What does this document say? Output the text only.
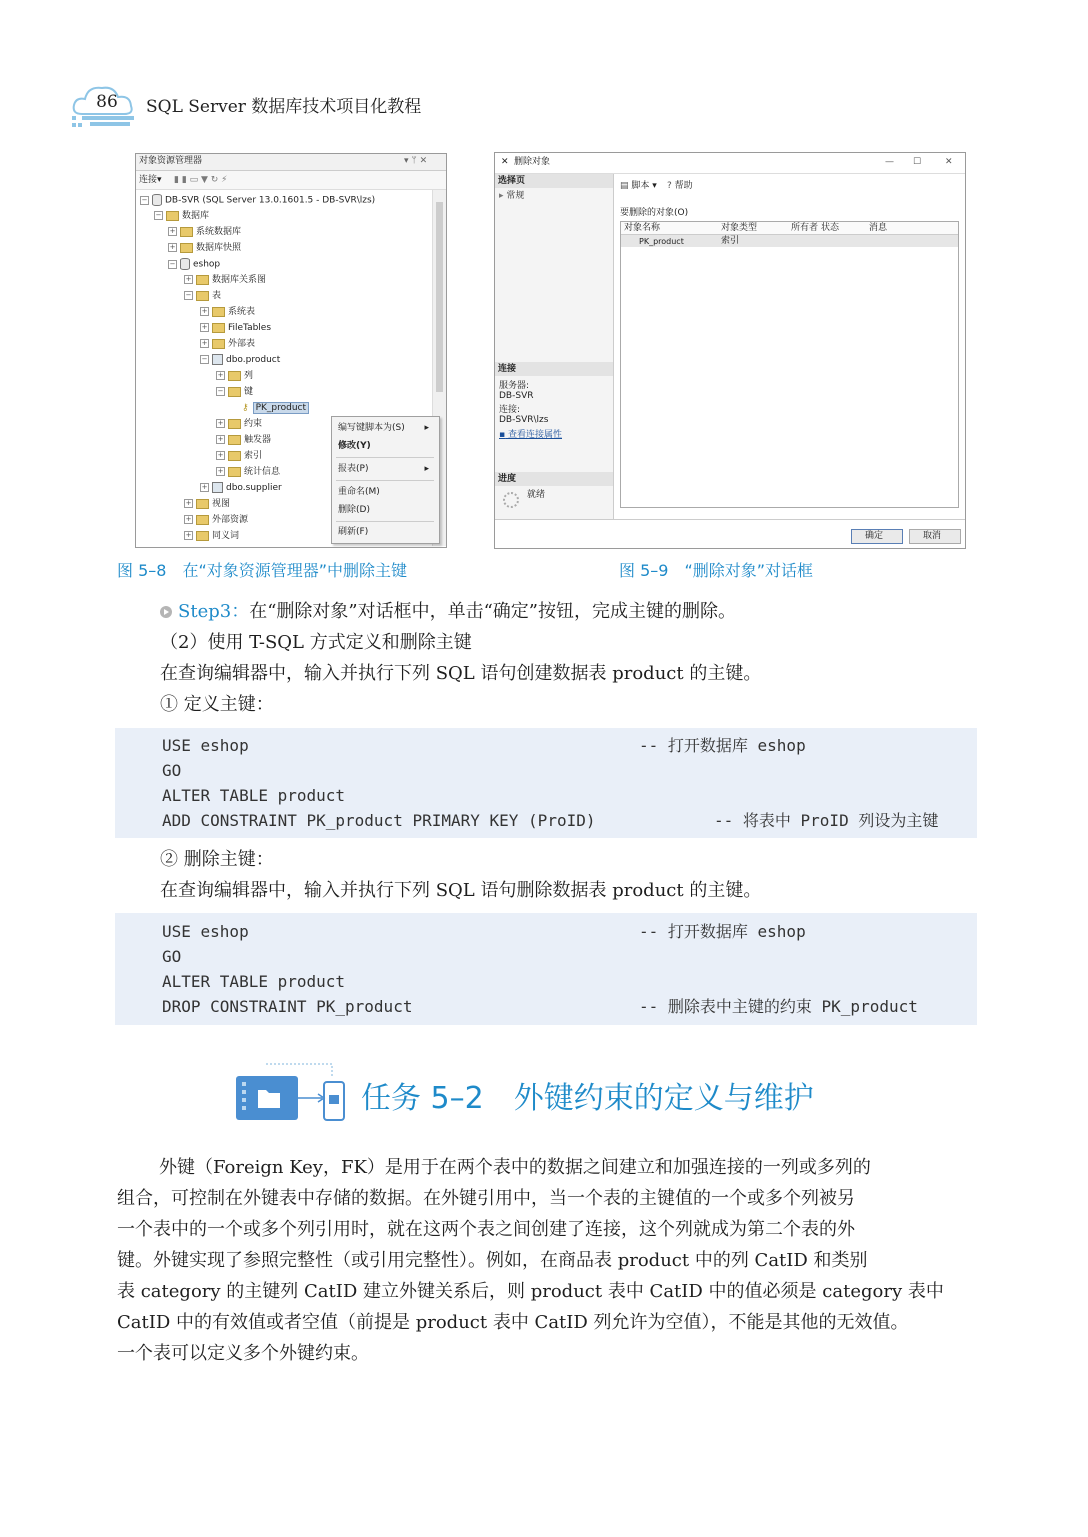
86	SQL Server 数据库技术项目化教程
对象资源管理器	▾ ᛘ ✕
连接▾ ▮ ▮ ▭ ▼ ↻ ⚡
− DB-SVR (SQL Server 13.0.1601.5 - DB-SVR\lzs)
− 数据库
+ 系统数据库
+ 数据库快照
− eshop
+ 数据库关系图
− 表
+ 系统表
+ FileTables
+ 外部表
− dbo.product
+ 列
− 键
⚷ PK_product
+ 约束
+ 触发器
+ 索引
+ 统计信息
+ dbo.supplier
+ 视图
+ 外部资源
+ 同义词
编写键脚本为(S) ▸
修改(Y)
报表(P)	▸
重命名(M)
删除(D)
刷新(F)
✕ 删除对象	— ☐	✕
选择页
▸ 常规
连接
服务器:
DB-SVR
连接:
DB-SVR\lzs
▪ 查看连接属性
进度
就绪
▤ 脚本 ▾ ? 帮助
要删除的对象(O)
对象名称	对象类型	所有者 状态	消息
PK_product	索引
确定	取消
图 5–8　在“对象资源管理器”中删除主键	图 5–9　“删除对象”对话框
Step3：在“删除对象”对话框中，单击“确定”按钮，完成主键的删除。
（2）使用 T-SQL 方式定义和删除主键
在查询编辑器中，输入并执行下列 SQL 语句创建数据表 product 的主键。
① 定义主键：
USE eshop	-- 打开数据库 eshop
GO
ALTER TABLE product
ADD CONSTRAINT PK_product PRIMARY KEY (ProID)	-- 将表中 ProID 列设为主键
② 删除主键：
在查询编辑器中，输入并执行下列 SQL 语句删除数据表 product 的主键。
USE eshop	-- 打开数据库 eshop
GO
ALTER TABLE product
DROP CONSTRAINT PK_product	-- 删除表中主键的约束 PK_product
任务 5–2　外键约束的定义与维护
外键（Foreign Key，FK）是用于在两个表中的数据之间建立和加强连接的一列或多列的
组合，可控制在外键表中存储的数据。在外键引用中，当一个表的主键值的一个或多个列被另
一个表中的一个或多个列引用时，就在这两个表之间创建了连接，这个列就成为第二个表的外
键。外键实现了参照完整性（或引用完整性）。例如，在商品表 product 中的列 CatID 和类别
表 category 的主键列 CatID 建立外键关系后，则 product 表中 CatID 中的值必须是 category 表中
CatID 中的有效值或者空值（前提是 product 表中 CatID 列允许为空值），不能是其他的无效值。
一个表可以定义多个外键约束。
